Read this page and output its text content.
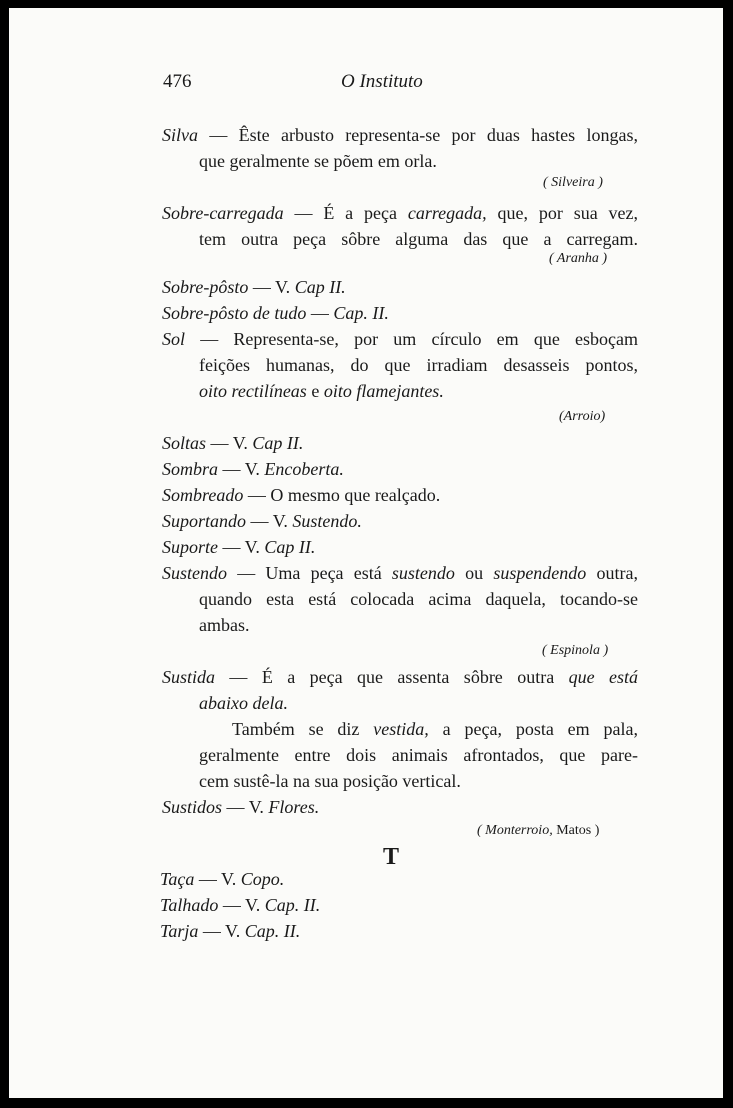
476	O Instituto
Silva — Êste arbusto representa-se por duas hastes longas,
que geralmente se põem em orla.
( Silveira )
Sobre-carregada — É a peça carregada, que, por sua vez,
tem outra peça sôbre alguma das que a carregam.
( Aranha )
Sobre-pôsto — V. Cap II.
Sobre-pôsto de tudo — Cap. II.
Sol — Representa-se, por um círculo em que esboçam
feições humanas, do que irradiam desasseis pontos,
oito rectilíneas e oito flamejantes.
(Arroio)
Soltas — V. Cap II.
Sombra — V. Encoberta.
Sombreado — O mesmo que realçado.
Suportando — V. Sustendo.
Suporte — V. Cap II.
Sustendo — Uma peça está sustendo ou suspendendo outra,
quando esta está colocada acima daquela, tocando-se
ambas.
( Espinola )
Sustida — É a peça que assenta sôbre outra que está
abaixo dela.
Também se diz vestida, a peça, posta em pala,
geralmente entre dois animais afrontados, que pare-
cem sustê-la na sua posição vertical.
Sustidos — V. Flores.
( Monterroio, Matos )
T
Taça — V. Copo.
Talhado — V. Cap. II.
Tarja — V. Cap. II.
